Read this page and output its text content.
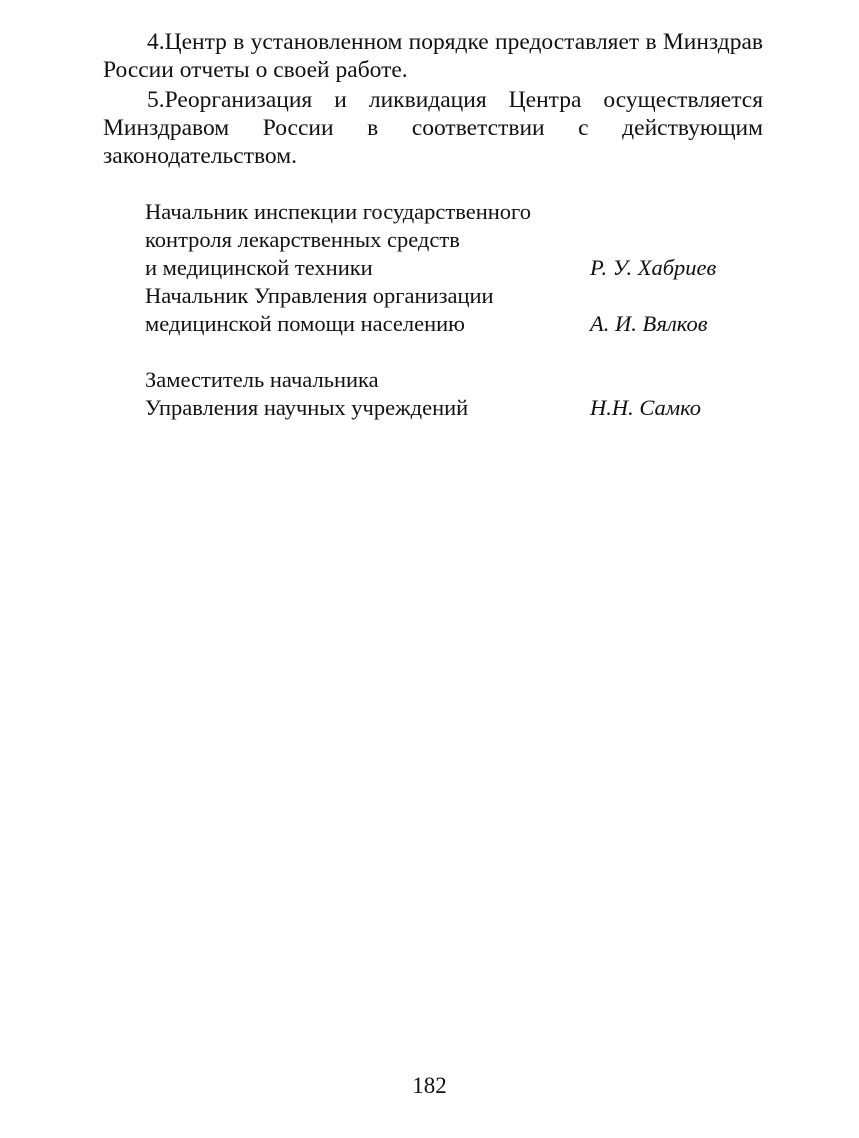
4.Центр в установленном порядке предоставляет в Минздрав России отчеты о своей работе.

5.Реорганизация и ликвидация Центра осуществляется Минздравом России в соответствии с действующим законодательством.

Начальник инспекции государственного
контроля лекарственных средств
и медицинской техники	Р. У. Хабриев
Начальник Управления организации
медицинской помощи населению	А. И. Вялков
Заместитель начальника
Управления научных учреждений	Н.Н. Самко
182
